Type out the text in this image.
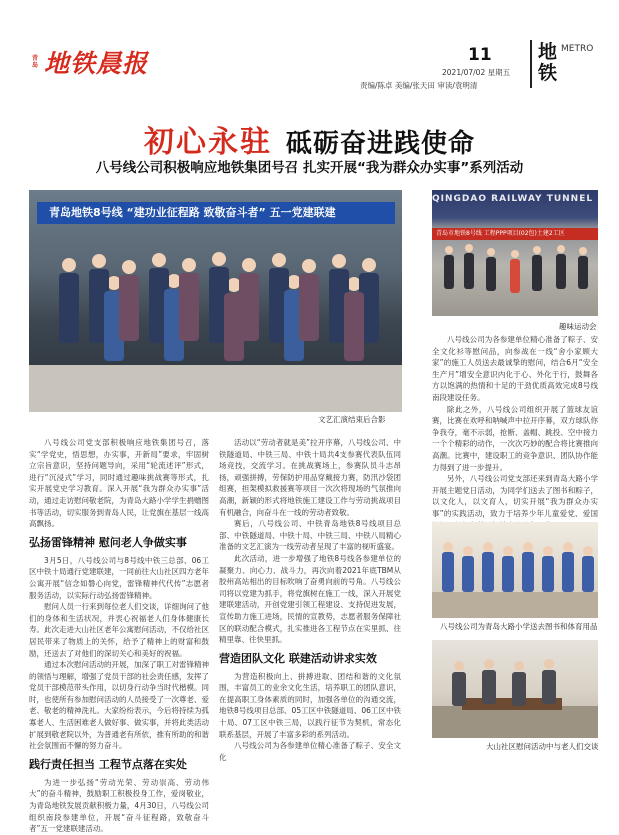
青岛 地铁晨报	11
2021/07/02 星期五
责编/陈卓 美编/张天田 审读/袁明清
地铁
METRO
初心永驻 砥砺奋进践使命
八号线公司积极响应地铁集团号召 扎实开展“我为群众办实事”系列活动
青岛地铁8号线 “建功业征程路 致敬奋斗者” 五一党建联建
文艺汇演结束后合影
QINGDAO RAILWAY TUNNEL
青岛市地铁8号线 工程PPP项目(02包)土建2工区
趣味运动会

八号线公司党支部积极响应地铁集团号召，落实“学党史，悟思想，办实事，开新局”要求，牢固树立宗旨意识，坚持问题导向，采用“轮流述评”形式，进行“沉浸式”学习，同时通过趣味挑战赛等形式，扎实开展党史学习教育。深入开展“我为群众办实事”活动，通过走访慰问敬老院，为青岛大路小学学生捐赠图书等活动，切实服务到青岛人民，让党旗在基层一线高高飘扬。

弘扬雷锋精神 慰问老人争做实事

3月5日，八号线公司与8号线中铁三总部、06工区中铁十局通行党建联建，一同前往大山社区四方老年公寓开展“信念如磐心向党，雷锋精神代代传”志愿者服务活动，以实际行动弘扬雷锋精神。

慰问人员一行来到每位老人们交谈，详细询问了他们的身体和生活状况，并衷心祝福老人们身体健康长寿。此次走进大山社区老年公寓慰问活动，不仅给社区居民带来了物质上的关怀，给予了精神上的财富和鼓励，还送去了对他们的深切关心和美好的祝福。

通过本次慰问活动的开展，加深了职工对雷锋精神的领悟与理解，增强了党员干部的社会责任感，发挥了党员干部模范带头作用，以切身行动争当时代楷模。同时，也使所有参加慰问活动的人员接受了一次尊老、爱老、敬老的精神洗礼。大家纷纷表示，今后将持续为孤寡老人、生活困难老人做好事、做实事，并将此类活动扩展到敬老院以外，为普通老有所依，推有所助的和谐社会氛围而不懈的努力奋斗。

践行责任担当 工程节点落在实处

为进一步弘扬“劳动光荣、劳动崇高、劳动伟大”的奋斗精神，鼓励职工积极投身工作，爱岗敬业，为青岛地铁发展贡献积极力量，4月30日，八号线公司组织南段参建单位，开展“奋斗征程路，致敬奋斗者”五一党建联建活动。

活动以“劳动者就是美”拉开序幕，八号线公司、中铁隧道局、中铁三局、中铁十局共4支参赛代表队伍同场竞技，交流学习。在挑战赛场上，参赛队员斗志昂扬，顽强拼搏，劳保防护用品穿戴接力赛，防汛沙袋团组赛，担架模拟救援赛等项目一次次将现场的气氛推向高潮，新颖的形式将地铁施工建设工作与劳动挑战项目有机融合，向奋斗在一线的劳动者致敬。

赛后，八号线公司、中铁青岛地铁8号线项目总部、中铁隧道局、中铁十局、中铁三局、中铁八局精心准备的文艺汇演为一线劳动者呈现了丰富的视听盛宴。

此次活动，进一步增强了地铁8号线各参建单位的凝聚力、向心力、战斗力，再次向着2021年底TBM从胶州高站相出的目标吹响了奋勇向前的号角。八号线公司将以党建为抓手，将党旗树在施工一线，深入开展党建联建活动，开创党建引领工程建设、支持促进发展，宣传助力施工进场，民情的宣教势，志愿者服务保障社区的联动配合模式，扎实推进各工程节点在实里抓、往精里靠、往快里抓。

营造团队文化 联建活动讲求实效

为营造积极向上、拼搏进取、团结和谐的文化氛围，丰富员工的业余文化生活，培养职工的团队意识，在提高职工身体素质的同时，加强各单位的沟通交流，地铁8号线项目总部、05工区中铁隧道局、06工区中铁十局、07工区中铁三局，以践行征节为契机，常态化联系基层，开展了丰富多彩的系列活动。

八号线公司为各参建单位精心准备了粽子、安全文化

八号线公司为各参建单位精心准备了粽子、安全文化衫等慰问品，向参战在一线“舍小家顾大家”的施工人员送去最诚挚的慰问，结合6月“安全生产月”增安全意识内化于心、外化于行，鼓舞各方以饱满的热情和十足的干劲优质高效完成8号线南段建设任务。

除此之外，八号线公司组织开展了篮球友谊赛，比赛在欢呼和呐喊声中拉开序幕，双方球队你争我夺，毫不示弱，抢断、盖帽、跳投、空中接力一个个精彩的动作，一次次巧妙的配合将比赛推向高潮。比赛中，建设职工的竞争意识、团队协作能力得到了进一步提升。

另外，八号线公司党支部还来到青岛大路小学开展主题党日活动，为同学们送去了图书和粽子，以文化人，以文育人，切实开展“我为群众办实事”的实践活动，致力于培养少年儿童爱党、爱国

八号线公司为青岛大路小学送去图书和体育用品
大山社区慰问活动中与老人们交谈
